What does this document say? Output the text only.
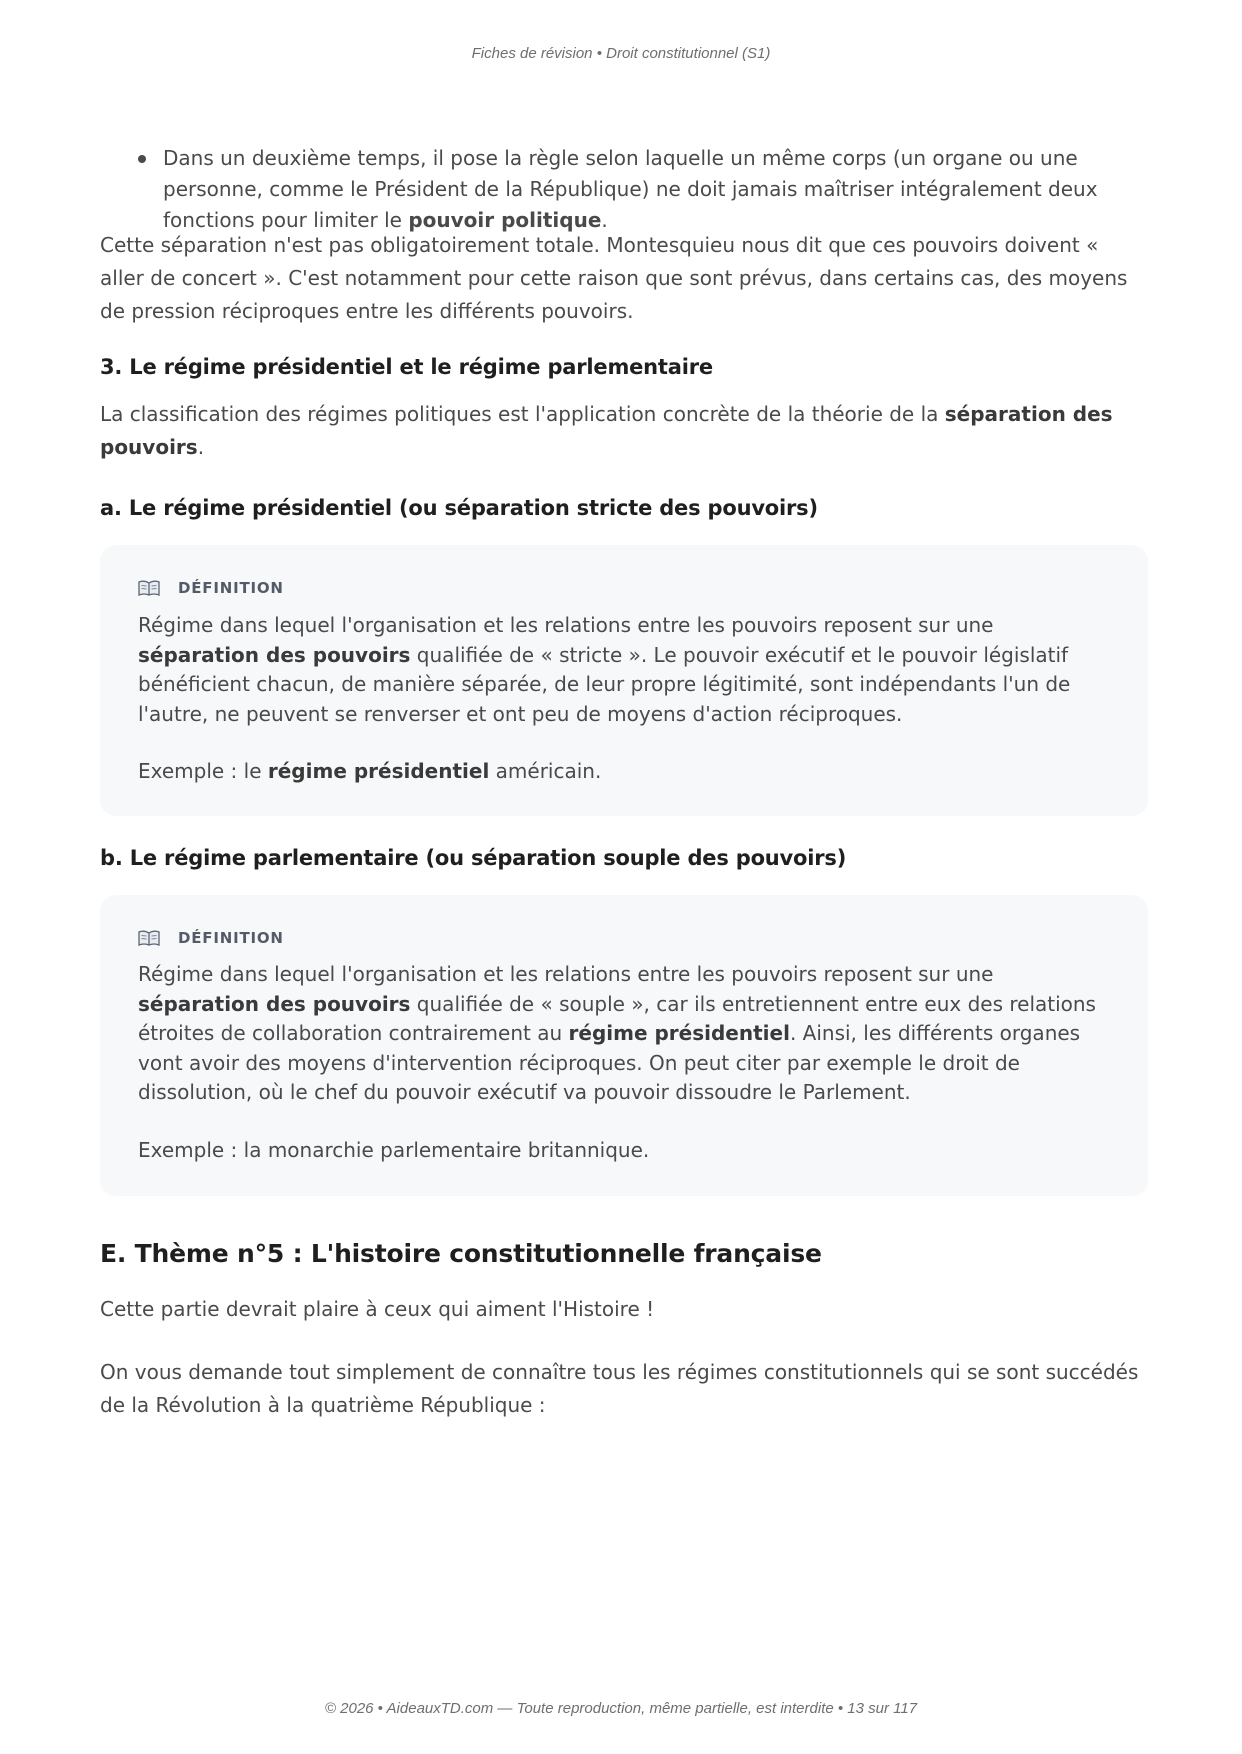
Fiches de révision • Droit constitutionnel (S1)
Dans un deuxième temps, il pose la règle selon laquelle un même corps (un organe ou une personne, comme le Président de la République) ne doit jamais maîtriser intégralement deux fonctions pour limiter le pouvoir politique.

Cette séparation n'est pas obligatoirement totale. Montesquieu nous dit que ces pouvoirs doivent « aller de concert ». C'est notamment pour cette raison que sont prévus, dans certains cas, des moyens de pression réciproques entre les différents pouvoirs.

3. Le régime présidentiel et le régime parlementaire

La classification des régimes politiques est l'application concrète de la théorie de la séparation des pouvoirs.

a. Le régime présidentiel (ou séparation stricte des pouvoirs)
DÉFINITION

Régime dans lequel l'organisation et les relations entre les pouvoirs reposent sur une séparation des pouvoirs qualifiée de « stricte ». Le pouvoir exécutif et le pouvoir législatif bénéficient chacun, de manière séparée, de leur propre légitimité, sont indépendants l'un de l'autre, ne peuvent se renverser et ont peu de moyens d'action réciproques.

Exemple : le régime présidentiel américain.

b. Le régime parlementaire (ou séparation souple des pouvoirs)
DÉFINITION

Régime dans lequel l'organisation et les relations entre les pouvoirs reposent sur une séparation des pouvoirs qualifiée de « souple », car ils entretiennent entre eux des relations étroites de collaboration contrairement au régime présidentiel. Ainsi, les différents organes vont avoir des moyens d'intervention réciproques. On peut citer par exemple le droit de dissolution, où le chef du pouvoir exécutif va pouvoir dissoudre le Parlement.

Exemple : la monarchie parlementaire britannique.

E. Thème n°5 : L'histoire constitutionnelle française

Cette partie devrait plaire à ceux qui aiment l'Histoire !

On vous demande tout simplement de connaître tous les régimes constitutionnels qui se sont succédés de la Révolution à la quatrième République :

© 2026 • AideauxTD.com — Toute reproduction, même partielle, est interdite • 13 sur 117
